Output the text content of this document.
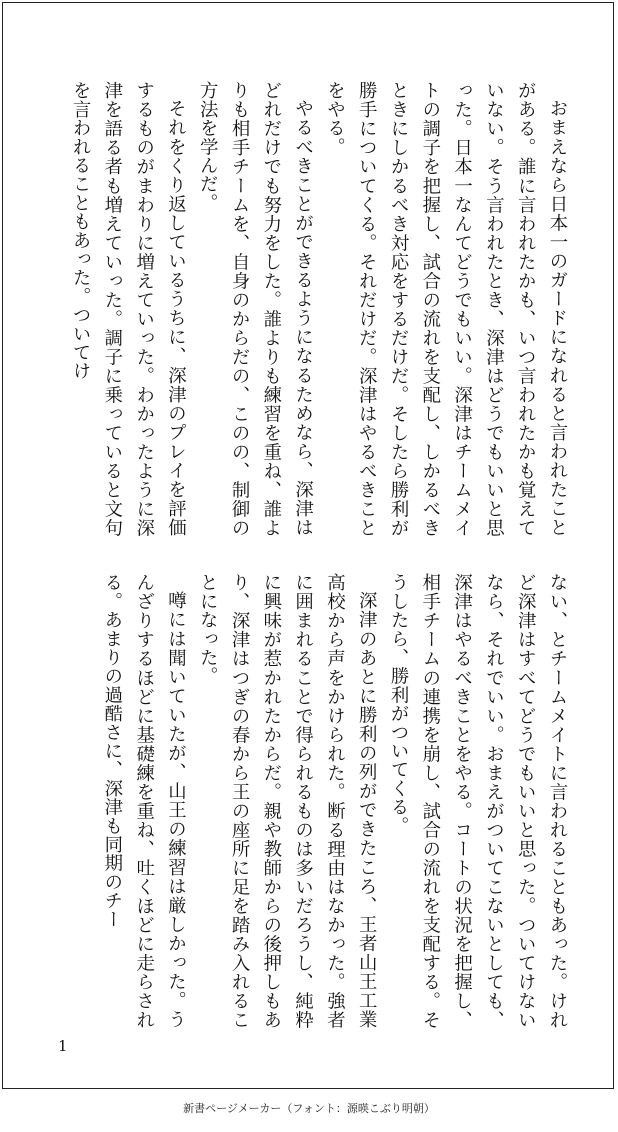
おまえなら日本一のガードになれると言われたことがある。誰に言われたかも、いつ言われたかも覚えていない。そう言われたとき、深津はどうでもいいと思った。日本一なんてどうでもいい。深津はチームメイトの調子を把握し、試合の流れを支配し、しかるべきときにしかるべき対応をするだけだ。そしたら勝利が勝手についてくる。それだけだ。深津はやるべきことをやる。

やるべきことができるようになるためなら、深津はどれだけでも努力をした。誰よりも練習を重ね、誰よりも相手チームを、自身のからだの、このの、制御の方法を学んだ。

それをくり返しているうちに、深津のプレイを評価するものがまわりに増えていった。わかったように深津を語る者も増えていった。調子に乗っていると文句を言われることもあった。ついてけ

ない、とチームメイトに言われることもあった。けれど深津はすべてどうでもいいと思った。ついてけないなら、それでいい。おまえがついてこないとしても、深津はやるべきことをやる。コートの状況を把握し、相手チームの連携を崩し、試合の流れを支配する。そうしたら、勝利がついてくる。

深津のあとに勝利の列ができたころ、王者山王工業高校から声をかけられた。断る理由はなかった。強者に囲まれることで得られるものは多いだろうし、純粋に興味が惹かれたからだ。親や教師からの後押しもあり、深津はつぎの春から王の座所に足を踏み入れることになった。

噂には聞いていたが、山王の練習は厳しかった。うんざりするほどに基礎練を重ね、吐くほどに走らされる。あまりの過酷さに、深津も同期のチー

1
新書ページメーカー（フォント：源暎こぶり明朝）
